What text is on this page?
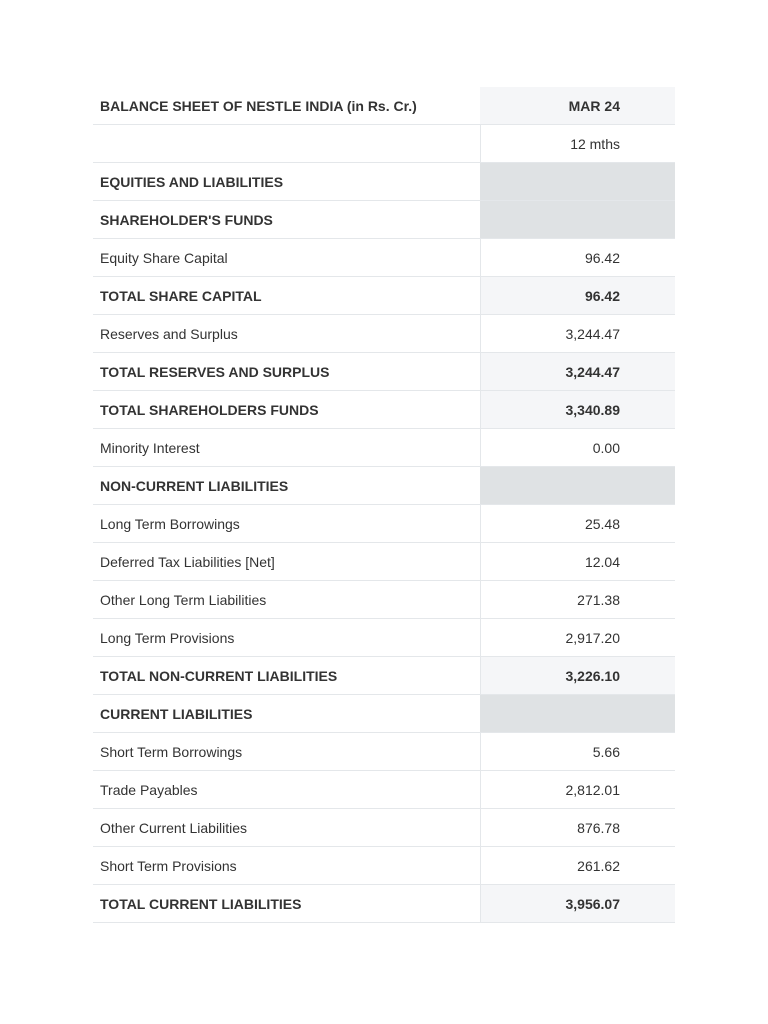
BALANCE SHEET OF NESTLE INDIA (in Rs. Cr.)	MAR 24
	12 mths
EQUITIES AND LIABILITIES	
SHAREHOLDER'S FUNDS	
Equity Share Capital	96.42
TOTAL SHARE CAPITAL	96.42
Reserves and Surplus	3,244.47
TOTAL RESERVES AND SURPLUS	3,244.47
TOTAL SHAREHOLDERS FUNDS	3,340.89
Minority Interest	0.00
NON-CURRENT LIABILITIES	
Long Term Borrowings	25.48
Deferred Tax Liabilities [Net]	12.04
Other Long Term Liabilities	271.38
Long Term Provisions	2,917.20
TOTAL NON-CURRENT LIABILITIES	3,226.10
CURRENT LIABILITIES	
Short Term Borrowings	5.66
Trade Payables	2,812.01
Other Current Liabilities	876.78
Short Term Provisions	261.62
TOTAL CURRENT LIABILITIES	3,956.07
